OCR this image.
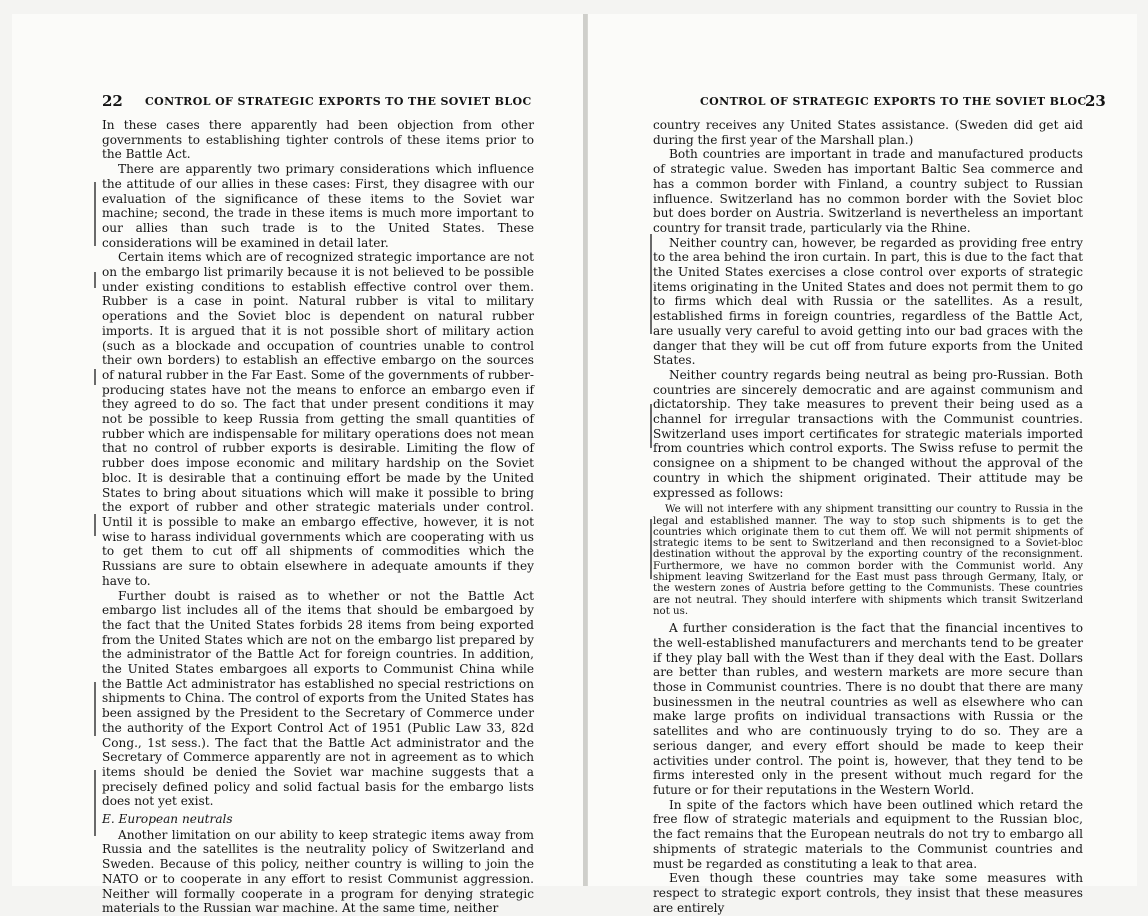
22 CONTROL OF STRATEGIC EXPORTS TO THE SOVIET BLOC

In these cases there apparently had been objection from other governments to establishing tighter controls of these items prior to the Battle Act.

There are apparently two primary considerations which influence the attitude of our allies in these cases: First, they disagree with our evaluation of the significance of these items to the Soviet war machine; second, the trade in these items is much more important to our allies than such trade is to the United States. These considerations will be examined in detail later.

Certain items which are of recognized strategic importance are not on the embargo list primarily because it is not believed to be possible under existing conditions to establish effective control over them. Rubber is a case in point. Natural rubber is vital to military operations and the Soviet bloc is dependent on natural rubber imports. It is argued that it is not possible short of military action (such as a blockade and occupation of countries unable to control their own borders) to establish an effective embargo on the sources of natural rubber in the Far East. Some of the governments of rubber-producing states have not the means to enforce an embargo even if they agreed to do so. The fact that under present conditions it may not be possible to keep Russia from getting the small quantities of rubber which are indispensable for military operations does not mean that no control of rubber exports is desirable. Limiting the flow of rubber does impose economic and military hardship on the Soviet bloc. It is desirable that a continuing effort be made by the United States to bring about situations which will make it possible to bring the export of rubber and other strategic materials under control. Until it is possible to make an embargo effective, however, it is not wise to harass individual governments which are cooperating with us to get them to cut off all shipments of commodities which the Russians are sure to obtain elsewhere in adequate amounts if they have to.

Further doubt is raised as to whether or not the Battle Act embargo list includes all of the items that should be embargoed by the fact that the United States forbids 28 items from being exported from the United States which are not on the embargo list prepared by the administrator of the Battle Act for foreign countries. In addition, the United States embargoes all exports to Communist China while the Battle Act administrator has established no special restrictions on shipments to China. The control of exports from the United States has been assigned by the President to the Secretary of Commerce under the authority of the Export Control Act of 1951 (Public Law 33, 82d Cong., 1st sess.). The fact that the Battle Act administrator and the Secretary of Commerce apparently are not in agreement as to which items should be denied the Soviet war machine suggests that a precisely defined policy and solid factual basis for the embargo lists does not yet exist.

E. European neutrals

Another limitation on our ability to keep strategic items away from Russia and the satellites is the neutrality policy of Switzerland and Sweden. Because of this policy, neither country is willing to join the NATO or to cooperate in any effort to resist Communist aggression. Neither will formally cooperate in a program for denying strategic materials to the Russian war machine. At the same time, neither

CONTROL OF STRATEGIC EXPORTS TO THE SOVIET BLOC
23

country receives any United States assistance. (Sweden did get aid during the first year of the Marshall plan.)

Both countries are important in trade and manufactured products of strategic value. Sweden has important Baltic Sea commerce and has a common border with Finland, a country subject to Russian influence. Switzerland has no common border with the Soviet bloc but does border on Austria. Switzerland is nevertheless an important country for transit trade, particularly via the Rhine.

Neither country can, however, be regarded as providing free entry to the area behind the iron curtain. In part, this is due to the fact that the United States exercises a close control over exports of strategic items originating in the United States and does not permit them to go to firms which deal with Russia or the satellites. As a result, established firms in foreign countries, regardless of the Battle Act, are usually very careful to avoid getting into our bad graces with the danger that they will be cut off from future exports from the United States.

Neither country regards being neutral as being pro-Russian. Both countries are sincerely democratic and are against communism and dictatorship. They take measures to prevent their being used as a channel for irregular transactions with the Communist countries. Switzerland uses import certificates for strategic materials imported from countries which control exports. The Swiss refuse to permit the consignee on a shipment to be changed without the approval of the country in which the shipment originated. Their attitude may be expressed as follows:

We will not interfere with any shipment transitting our country to Russia in the legal and established manner. The way to stop such shipments is to get the countries which originate them to cut them off. We will not permit shipments of strategic items to be sent to Switzerland and then reconsigned to a Soviet-bloc destination without the approval by the exporting country of the reconsignment. Furthermore, we have no common border with the Communist world. Any shipment leaving Switzerland for the East must pass through Germany, Italy, or the western zones of Austria before getting to the Communists. These countries are not neutral. They should interfere with shipments which transit Switzerland not us.

A further consideration is the fact that the financial incentives to the well-established manufacturers and merchants tend to be greater if they play ball with the West than if they deal with the East. Dollars are better than rubles, and western markets are more secure than those in Communist countries. There is no doubt that there are many businessmen in the neutral countries as well as elsewhere who can make large profits on individual transactions with Russia or the satellites and who are continuously trying to do so. They are a serious danger, and every effort should be made to keep their activities under control. The point is, however, that they tend to be firms interested only in the present without much regard for the future or for their reputations in the Western World.

In spite of the factors which have been outlined which retard the free flow of strategic materials and equipment to the Russian bloc, the fact remains that the European neutrals do not try to embargo all shipments of strategic materials to the Communist countries and must be regarded as constituting a leak to that area.

Even though these countries may take some measures with respect to strategic export controls, they insist that these measures are entirely
